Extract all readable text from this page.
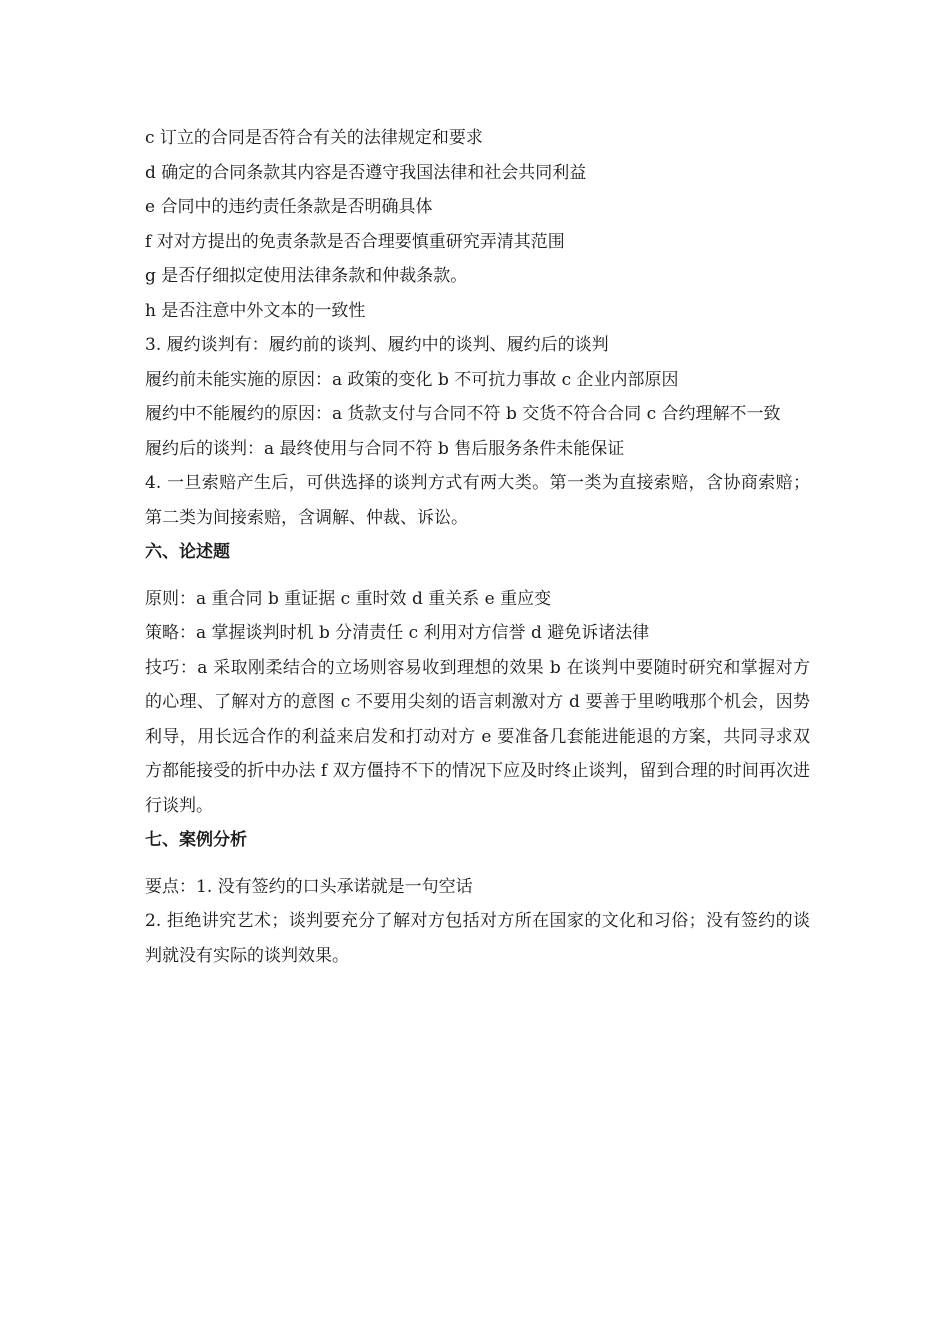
c 订立的合同是否符合有关的法律规定和要求

d 确定的合同条款其内容是否遵守我国法律和社会共同利益

e 合同中的违约责任条款是否明确具体

f 对对方提出的免责条款是否合理要慎重研究弄清其范围

g 是否仔细拟定使用法律条款和仲裁条款。

h 是否注意中外文本的一致性

3. 履约谈判有：履约前的谈判、履约中的谈判、履约后的谈判

履约前未能实施的原因：a 政策的变化 b 不可抗力事故 c 企业内部原因

履约中不能履约的原因：a 货款支付与合同不符 b 交货不符合合同 c 合约理解不一致

履约后的谈判：a 最终使用与合同不符 b 售后服务条件未能保证

4. 一旦索赔产生后，可供选择的谈判方式有两大类。第一类为直接索赔，含协商索赔；第二类为间接索赔，含调解、仲裁、诉讼。

六、论述题

原则：a 重合同 b 重证据 c 重时效 d 重关系 e 重应变

策略：a 掌握谈判时机 b 分清责任 c 利用对方信誉 d 避免诉诸法律

技巧：a 采取刚柔结合的立场则容易收到理想的效果 b 在谈判中要随时研究和掌握对方的心理、了解对方的意图 c 不要用尖刻的语言刺激对方 d 要善于里哟哦那个机会，因势利导，用长远合作的利益来启发和打动对方 e 要准备几套能进能退的方案，共同寻求双方都能接受的折中办法 f 双方僵持不下的情况下应及时终止谈判，留到合理的时间再次进行谈判。

七、案例分析

要点：1. 没有签约的口头承诺就是一句空话

2. 拒绝讲究艺术；谈判要充分了解对方包括对方所在国家的文化和习俗；没有签约的谈判就没有实际的谈判效果。
